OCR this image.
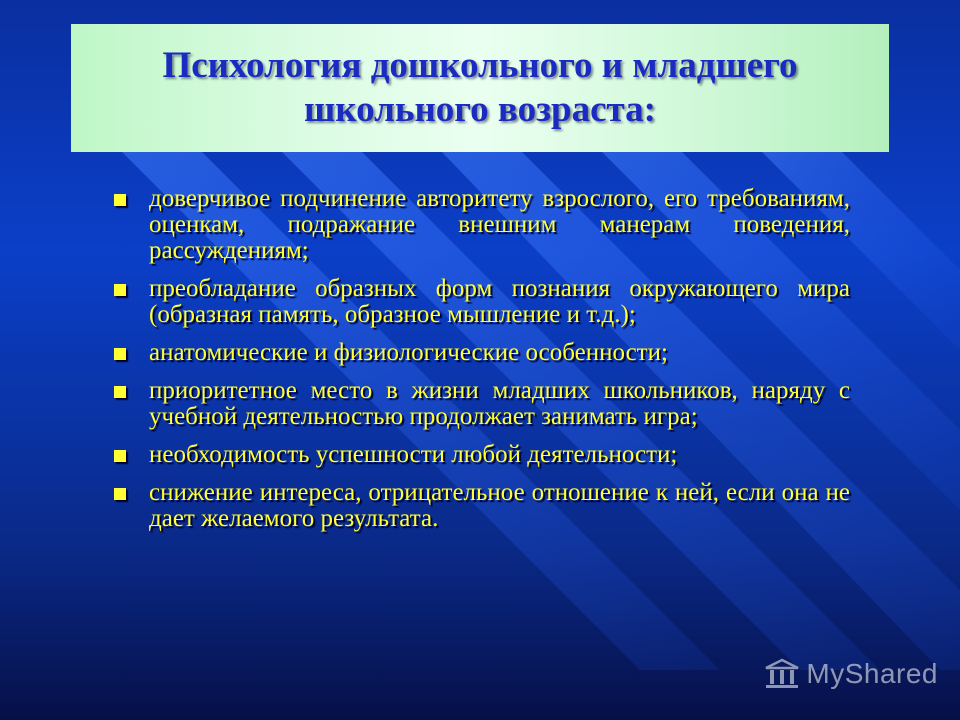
Психология дошкольного и младшего
школьного возраста:
доверчивое подчинение авторитету взрослого, его требованиям, оценкам, подражание внешним манерам поведения, рассуждениям;
преобладание образных форм познания окружающего мира (образная память, образное мышление и т.д.);
анатомические и физиологические особенности;
приоритетное место в жизни младших школьников, наряду с учебной деятельностью продолжает занимать игра;
необходимость успешности любой деятельности;
снижение интереса, отрицательное отношение к ней, если она не дает желаемого результата.
MyShared
